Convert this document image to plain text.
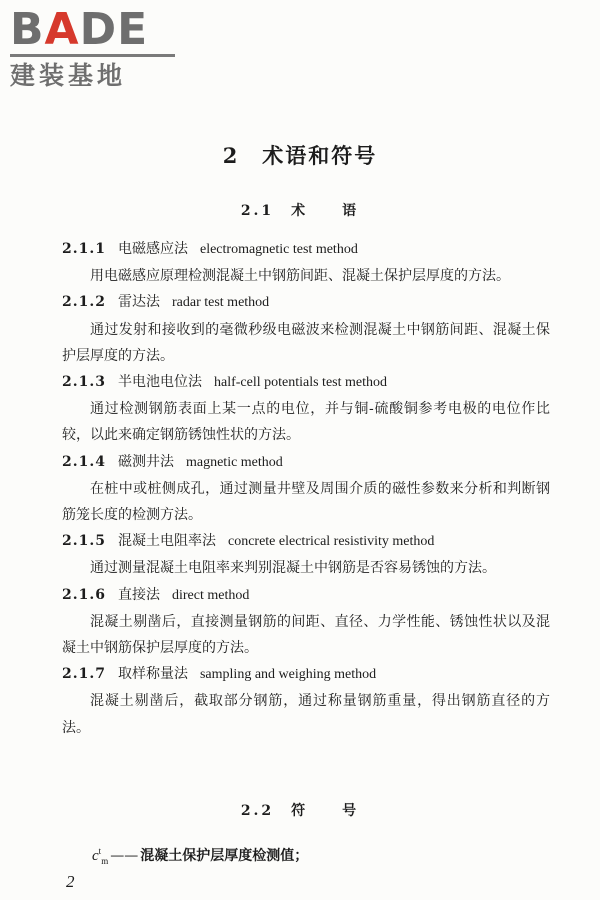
BADE
建装基地
2　术语和符号
2.1　术　　语
2.1.1 电磁感应法 electromagnetic test method
用电磁感应原理检测混凝土中钢筋间距、混凝土保护层厚度的方法。
2.1.2 雷达法 radar test method
通过发射和接收到的毫微秒级电磁波来检测混凝土中钢筋间距、混凝土保护层厚度的方法。
2.1.3 半电池电位法 half-cell potentials test method
通过检测钢筋表面上某一点的电位，并与铜-硫酸铜参考电极的电位作比较，以此来确定钢筋锈蚀性状的方法。
2.1.4 磁测井法 magnetic method
在桩中或桩侧成孔，通过测量井壁及周围介质的磁性参数来分析和判断钢筋笼长度的检测方法。
2.1.5 混凝土电阻率法 concrete electrical resistivity method
通过测量混凝土电阻率来判别混凝土中钢筋是否容易锈蚀的方法。
2.1.6 直接法 direct method
混凝土剔凿后，直接测量钢筋的间距、直径、力学性能、锈蚀性状以及混凝土中钢筋保护层厚度的方法。
2.1.7 取样称量法 sampling and weighing method
混凝土剔凿后，截取部分钢筋，通过称量钢筋重量，得出钢筋直径的方法。
2.2　符　　号
$c^t_m$ —— 混凝土保护层厚度检测值；
2
